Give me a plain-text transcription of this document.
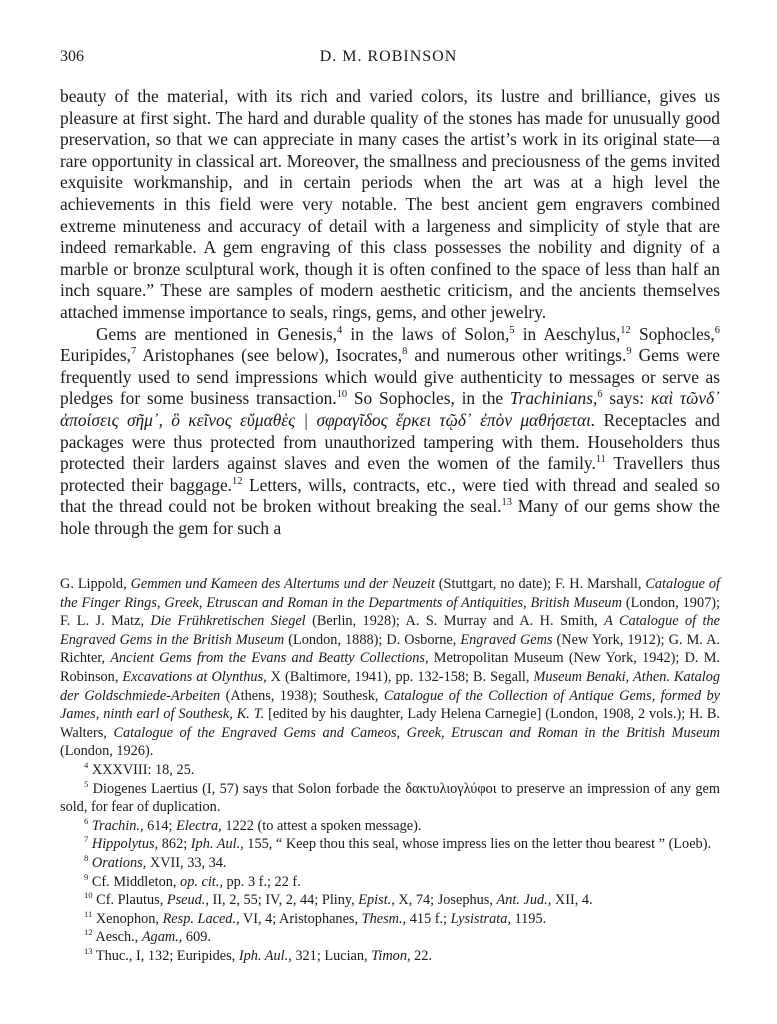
306	D. M. ROBINSON

beauty of the material, with its rich and varied colors, its lustre and brilliance, gives us pleasure at first sight. The hard and durable quality of the stones has made for unusually good preservation, so that we can appreciate in many cases the artist’s work in its original state—a rare opportunity in classical art. Moreover, the smallness and preciousness of the gems invited exquisite workmanship, and in certain periods when the art was at a high level the achievements in this field were very notable. The best ancient gem engravers combined extreme minuteness and accuracy of detail with a largeness and simplicity of style that are indeed remarkable. A gem engraving of this class possesses the nobility and dignity of a marble or bronze sculptural work, though it is often confined to the space of less than half an inch square.” These are samples of modern aesthetic criticism, and the ancients themselves attached immense importance to seals, rings, gems, and other jewelry.

Gems are mentioned in Genesis,$^4$ in the laws of Solon,$^5$ in Aeschylus,$^{12}$ Sophocles,$^6$ Euripides,$^7$ Aristophanes (see below), Isocrates,$^8$ and numerous other writings.$^9$ Gems were frequently used to send impressions which would give authenticity to messages or serve as pledges for some business transaction.$^{10}$ So Sophocles, in the Trachinians,$^6$ says: καὶ τῶνδ᾿ ἀποίσεις σῆμ᾿, ὃ κεῖνος εὔμαθὲς | σφραγῖδος ἕρκει τῷδ᾿ ἐπὸν μαθήσεται. Receptacles and packages were thus protected from unauthorized tampering with them. Householders thus protected their larders against slaves and even the women of the family.$^{11}$ Travellers thus protected their baggage.$^{12}$ Letters, wills, contracts, etc., were tied with thread and sealed so that the thread could not be broken without breaking the seal.$^{13}$ Many of our gems show the hole through the gem for such a

G. Lippold, Gemmen und Kameen des Altertums und der Neuzeit (Stuttgart, no date); F. H. Marshall, Catalogue of the Finger Rings, Greek, Etruscan and Roman in the Departments of Antiquities, British Museum (London, 1907); F. L. J. Matz, Die Frühkretischen Siegel (Berlin, 1928); A. S. Murray and A. H. Smith, A Catalogue of the Engraved Gems in the British Museum (London, 1888); D. Osborne, Engraved Gems (New York, 1912); G. M. A. Richter, Ancient Gems from the Evans and Beatty Collections, Metropolitan Museum (New York, 1942); D. M. Robinson, Excavations at Olynthus, X (Baltimore, 1941), pp. 132-158; B. Segall, Museum Benaki, Athen. Katalog der Goldschmiede-Arbeiten (Athens, 1938); Southesk, Catalogue of the Collection of Antique Gems, formed by James, ninth earl of Southesk, K. T. [edited by his daughter, Lady Helena Carnegie] (London, 1908, 2 vols.); H. B. Walters, Catalogue of the Engraved Gems and Cameos, Greek, Etruscan and Roman in the British Museum (London, 1926).

$^4$ XXXVIII: 18, 25.

$^5$ Diogenes Laertius (I, 57) says that Solon forbade the δακτυλιογλύφοι to preserve an impression of any gem sold, for fear of duplication.

$^6$ Trachin., 614; Electra, 1222 (to attest a spoken message).

$^7$ Hippolytus, 862; Iph. Aul., 155, “ Keep thou this seal, whose impress lies on the letter thou bearest ” (Loeb).

$^8$ Orations, XVII, 33, 34.

$^9$ Cf. Middleton, op. cit., pp. 3 f.; 22 f.

$^{10}$ Cf. Plautus, Pseud., II, 2, 55; IV, 2, 44; Pliny, Epist., X, 74; Josephus, Ant. Jud., XII, 4.

$^{11}$ Xenophon, Resp. Laced., VI, 4; Aristophanes, Thesm., 415 f.; Lysistrata, 1195.

$^{12}$ Aesch., Agam., 609.

$^{13}$ Thuc., I, 132; Euripides, Iph. Aul., 321; Lucian, Timon, 22.
